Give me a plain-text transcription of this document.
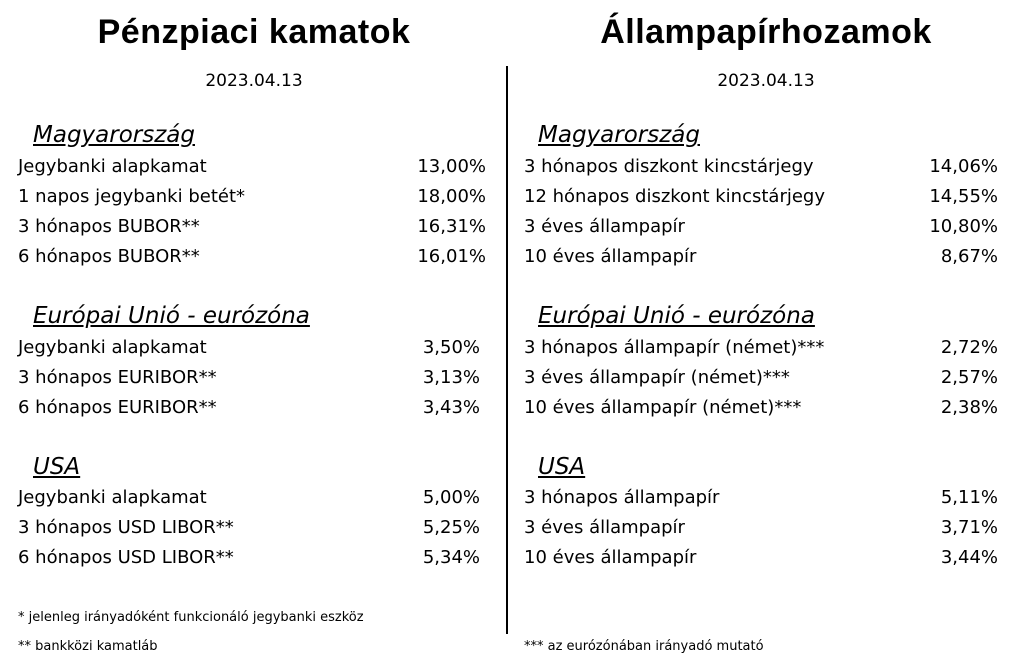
Pénzpiaci kamatok
2023.04.13
Magyarország
Jegybanki alapkamat	13,00%
1 napos jegybanki betét*	18,00%
3 hónapos BUBOR**	16,31%
6 hónapos BUBOR**	16,01%
Európai Unió - eurózóna
Jegybanki alapkamat	3,50%
3 hónapos EURIBOR**	3,13%
6 hónapos EURIBOR**	3,43%
USA
Jegybanki alapkamat	5,00%
3 hónapos USD LIBOR**	5,25%
6 hónapos USD LIBOR**	5,34%
* jelenleg irányadóként funkcionáló jegybanki eszköz
** bankközi kamatláb
Állampapírhozamok
2023.04.13
Magyarország
3 hónapos diszkont kincstárjegy	14,06%
12 hónapos diszkont kincstárjegy	14,55%
3 éves állampapír	10,80%
10 éves állampapír	8,67%
Európai Unió - eurózóna
3 hónapos állampapír (német)***	2,72%
3 éves állampapír (német)***	2,57%
10 éves állampapír (német)***	2,38%
USA
3 hónapos állampapír	5,11%
3 éves állampapír	3,71%
10 éves állampapír	3,44%
*** az eurózónában irányadó mutató
